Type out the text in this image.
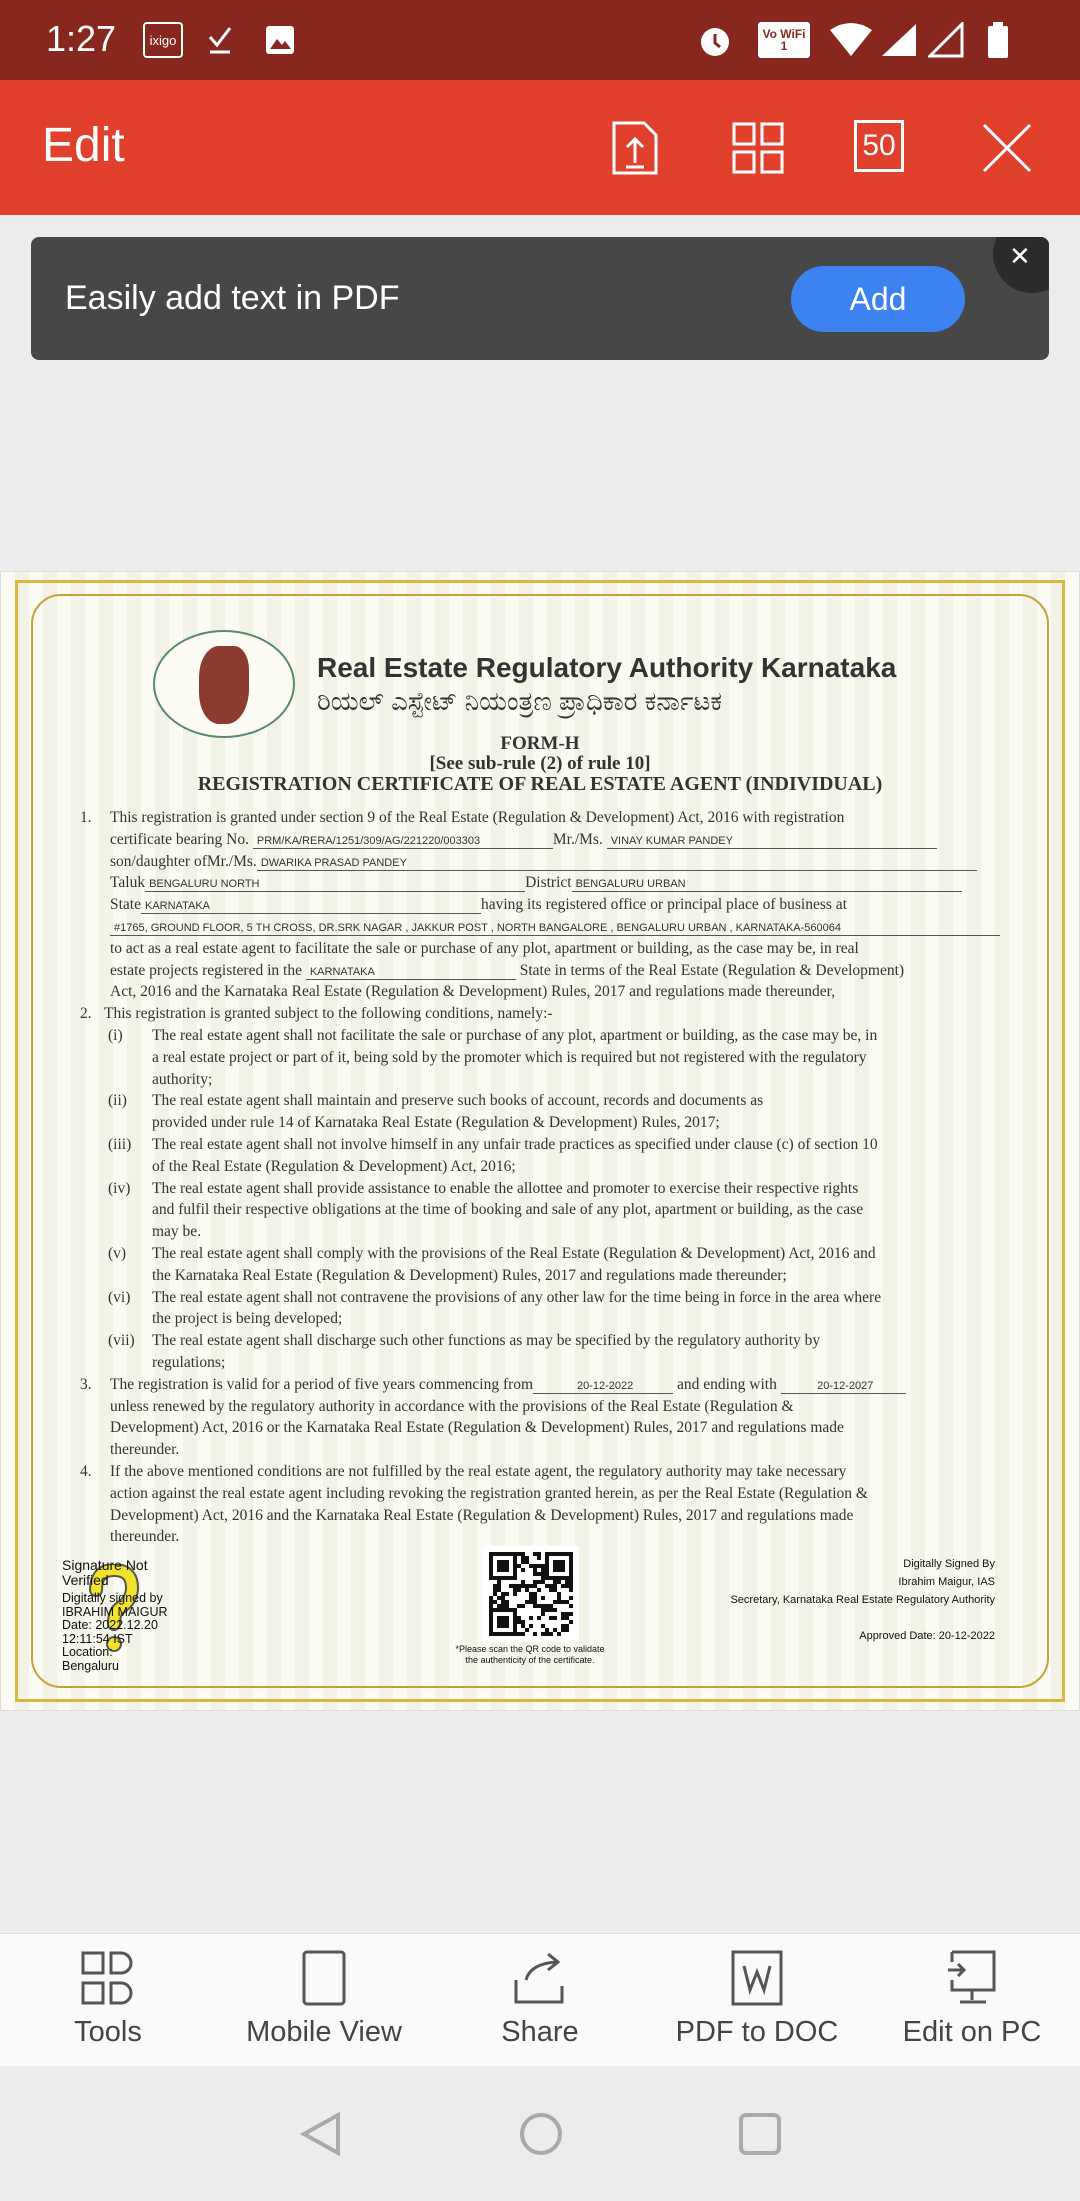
1:27	ixigo	Vo WiFi 1
Edit	50
Easily add text in PDF	Add
✕
Real Estate Regulatory Authority Karnataka
ರಿಯಲ್ ಎಸ್ಟೇಟ್ ನಿಯಂತ್ರಣ ಪ್ರಾಧಿಕಾರ ಕರ್ನಾಟಕ
FORM-H
[See sub-rule (2) of rule 10]
REGISTRATION CERTIFICATE OF REAL ESTATE AGENT (INDIVIDUAL)
1. This registration is granted under section 9 of the Real Estate (Regulation & Development) Act, 2016 with registration
certificate bearing No. PRM/KA/RERA/1251/309/AG/221220/003303	Mr./Ms. VINAY KUMAR PANDEY
son/daughter ofMr./Ms. DWARIKA PRASAD PANDEY
Taluk BENGALURU NORTH	District BENGALURU URBAN
State KARNATAKA	having its registered office or principal place of business at
#1765, GROUND FLOOR, 5 TH CROSS, DR.SRK NAGAR , JAKKUR POST , NORTH BANGALORE , BENGALURU URBAN , KARNATAKA-560064
to act as a real estate agent to facilitate the sale or purchase of any plot, apartment or building, as the case may be, in real
estate projects registered in the KARNATAKA	State in terms of the Real Estate (Regulation & Development)
Act, 2016 and the Karnataka Real Estate (Regulation & Development) Rules, 2017 and regulations made thereunder,
2. This registration is granted subject to the following conditions, namely:-
(i) The real estate agent shall not facilitate the sale or purchase of any plot, apartment or building, as the case may be, in
a real estate project or part of it, being sold by the promoter which is required but not registered with the regulatory
authority;
(ii) The real estate agent shall maintain and preserve such books of account, records and documents as
provided under rule 14 of Karnataka Real Estate (Regulation & Development) Rules, 2017;
(iii) The real estate agent shall not involve himself in any unfair trade practices as specified under clause (c) of section 10
of the Real Estate (Regulation & Development) Act, 2016;
(iv) The real estate agent shall provide assistance to enable the allottee and promoter to exercise their respective rights
and fulfil their respective obligations at the time of booking and sale of any plot, apartment or building, as the case
may be.
(v) The real estate agent shall comply with the provisions of the Real Estate (Regulation & Development) Act, 2016 and
the Karnataka Real Estate (Regulation & Development) Rules, 2017 and regulations made thereunder;
(vi) The real estate agent shall not contravene the provisions of any other law for the time being in force in the area where
the project is being developed;
(vii) The real estate agent shall discharge such other functions as may be specified by the regulatory authority by
regulations;
3. The registration is valid for a period of five years commencing from	20-12-2022	and ending with	20-12-2027
unless renewed by the regulatory authority in accordance with the provisions of the Real Estate (Regulation &
Development) Act, 2016 or the Karnataka Real Estate (Regulation & Development) Rules, 2017 and regulations made
thereunder.
4. If the above mentioned conditions are not fulfilled by the real estate agent, the regulatory authority may take necessary
action against the real estate agent including revoking the registration granted herein, as per the Real Estate (Regulation &
Development) Act, 2016 and the Karnataka Real Estate (Regulation & Development) Rules, 2017 and regulations made
thereunder.
Signature Not Verified
Digitally signed by
IBRAHIM MAIGUR
Date: 2022.12.20
12:11:54 IST
Location:
Bengaluru
*Please scan the QR code to validate
the authenticity of the certificate.
Digitally Signed By
Ibrahim Maigur, IAS
Secretary, Karnataka Real Estate Regulatory Authority
Approved Date: 20-12-2022
Tools	Mobile View	Share	PDF to DOC	Edit on PC
